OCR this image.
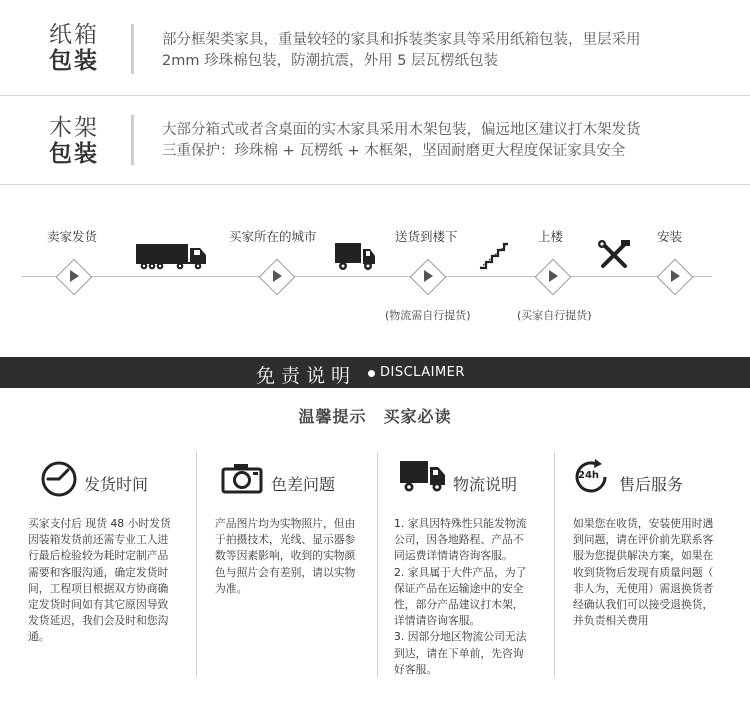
纸箱
包装
部分框架类家具，重量较轻的家具和拆装类家具等采用纸箱包装，里层采用
2mm 珍珠棉包装，防潮抗震，外用 5 层瓦楞纸包装
木架
包装
大部分箱式或者含桌面的实木家具采用木架包装，偏远地区建议打木架发货
三重保护：珍珠棉 + 瓦楞纸 + 木框架，坚固耐磨更大程度保证家具安全
卖家发货	买家所在的城市	送货到楼下	上楼	安装
(物流需自行提货)	(买家自行提货)
免责说明 DISCLAIMER
温馨提示　买家必读
发货时间	色差问题	物流说明	24h 售后服务
买家支付后 现货 48 小时发货
因装箱发货前还需专业工人进
行最后检验较为耗时定制产品
需要和客服沟通，确定发货时
间，工程项目根据双方协商确
定发货时间如有其它原因导致
发货延迟，我们会及时和您沟
通。
产品图片均为实物照片，但由
于拍摄技术，光线、显示器参
数等因素影响，收到的实物颜
色与照片会有差别，请以实物
为准。
1. 家具因特殊性只能发物流
公司，因各地路程、产品不
同运费详情请咨询客服。
2. 家具属于大件产品，为了
保证产品在运输途中的安全
性，部分产品建议打木架，
详情请咨询客服。
3. 因部分地区物流公司无法
到达，请在下单前，先咨询
好客服。
如果您在收货，安装使用时遇
到问题，请在评价前先联系客
服为您提供解决方案，如果在
收到货物后发现有质量问题（
非人为，无使用）需退换货者
经确认我们可以接受退换货，
并负责相关费用
